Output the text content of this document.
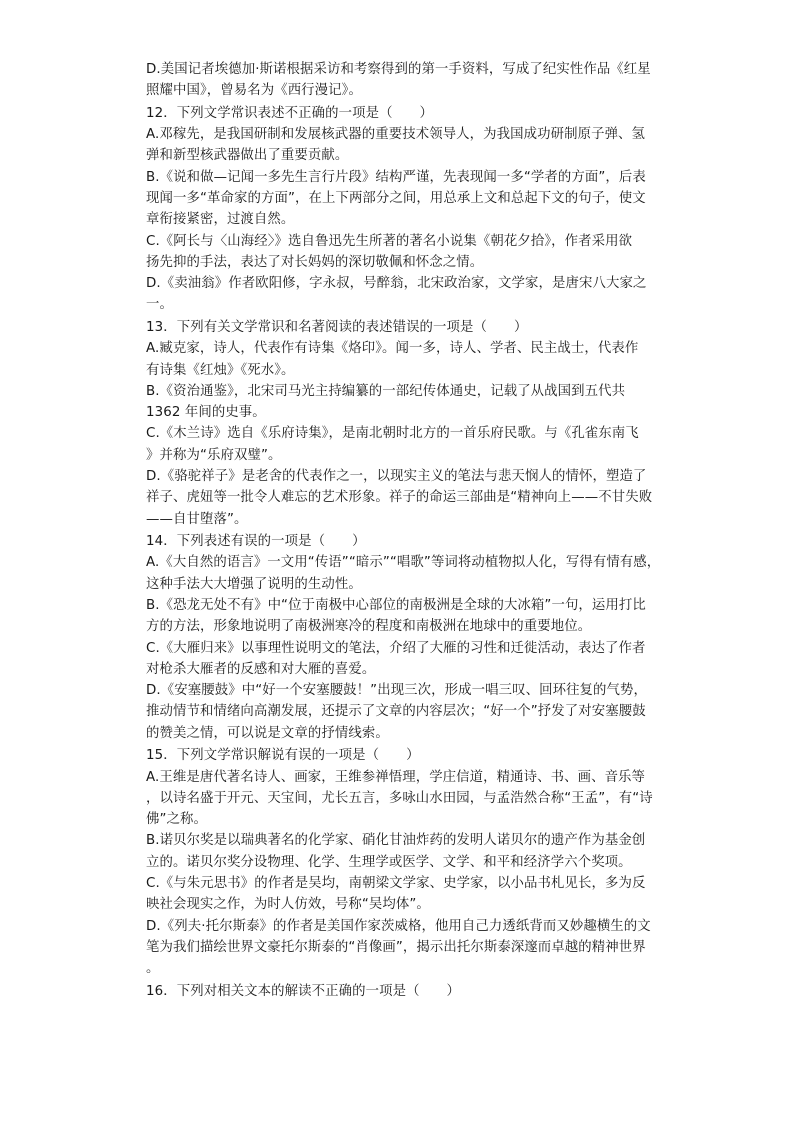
D.美国记者埃德加·斯诺根据采访和考察得到的第一手资料，写成了纪实性作品《红星
照耀中国》，曾易名为《西行漫记》。
12．下列文学常识表述不正确的一项是（　　）
A.邓稼先，是我国研制和发展核武器的重要技术领导人，为我国成功研制原子弹、氢
弹和新型核武器做出了重要贡献。
B.《说和做—记闻一多先生言行片段》结构严谨，先表现闻一多“学者的方面”，后表
现闻一多“革命家的方面”，在上下两部分之间，用总承上文和总起下文的句子，使文
章衔接紧密，过渡自然。
C.《阿长与〈山海经〉》选自鲁迅先生所著的著名小说集《朝花夕拾》，作者采用欲
扬先抑的手法，表达了对长妈妈的深切敬佩和怀念之情。
D.《卖油翁》作者欧阳修，字永叔，号醉翁，北宋政治家，文学家，是唐宋八大家之
一。
13．下列有关文学常识和名著阅读的表述错误的一项是（　　）
A.臧克家，诗人，代表作有诗集《烙印》。闻一多，诗人、学者、民主战士，代表作
有诗集《红烛》《死水》。
B.《资治通鉴》，北宋司马光主持编纂的一部纪传体通史，记载了从战国到五代共
1362 年间的史事。
C.《木兰诗》选自《乐府诗集》，是南北朝时北方的一首乐府民歌。与《孔雀东南飞
》并称为“乐府双璧”。
D.《骆驼祥子》是老舍的代表作之一，以现实主义的笔法与悲天悯人的情怀，塑造了
祥子、虎妞等一批令人难忘的艺术形象。祥子的命运三部曲是“精神向上——不甘失败
——自甘堕落”。
14．下列表述有误的一项是（　　）
A.《大自然的语言》一文用“传语”“暗示”“唱歌”等词将动植物拟人化，写得有情有感，
这种手法大大增强了说明的生动性。
B.《恐龙无处不有》中“位于南极中心部位的南极洲是全球的大冰箱”一句，运用打比
方的方法，形象地说明了南极洲寒冷的程度和南极洲在地球中的重要地位。
C.《大雁归来》以事理性说明文的笔法，介绍了大雁的习性和迁徙活动，表达了作者
对枪杀大雁者的反感和对大雁的喜爱。
D.《安塞腰鼓》中“好一个安塞腰鼓！”出现三次，形成一唱三叹、回环往复的气势，
推动情节和情绪向高潮发展，还提示了文章的内容层次；“好一个”抒发了对安塞腰鼓
的赞美之情，可以说是文章的抒情线索。
15．下列文学常识解说有误的一项是（　　）
A.王维是唐代著名诗人、画家，王维参禅悟理，学庄信道，精通诗、书、画、音乐等
，以诗名盛于开元、天宝间，尤长五言，多咏山水田园，与孟浩然合称“王孟”，有“诗
佛”之称。
B.诺贝尔奖是以瑞典著名的化学家、硝化甘油炸药的发明人诺贝尔的遗产作为基金创
立的。诺贝尔奖分设物理、化学、生理学或医学、文学、和平和经济学六个奖项。
C.《与朱元思书》的作者是吴均，南朝梁文学家、史学家，以小品书札见长，多为反
映社会现实之作，为时人仿效，号称“吴均体”。
D.《列夫·托尔斯泰》的作者是美国作家茨威格，他用自己力透纸背而又妙趣横生的文
笔为我们描绘世界文豪托尔斯泰的“肖像画”，揭示出托尔斯泰深邃而卓越的精神世界
。
16．下列对相关文本的解读不正确的一项是（　　）
